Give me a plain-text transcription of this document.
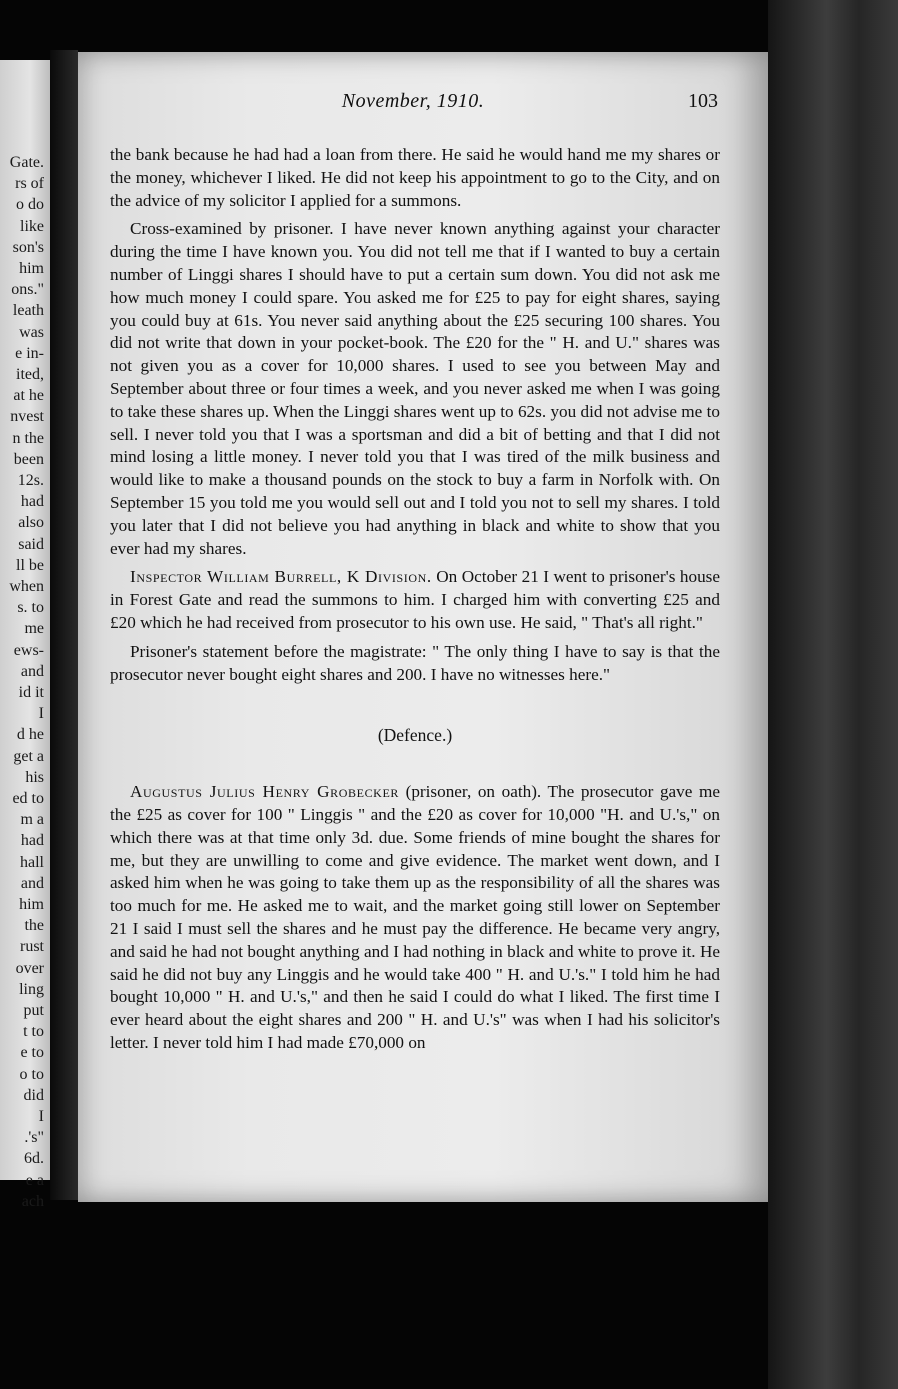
Gate.
rs of
o do
like
son's
him
ons."
leath
was
e in-
ited,
at he
nvest
n the
been
12s.
had
also
said
ll be
when
s. to
me
ews-
and
id it
I
d he
get a
his
ed to
m a
had
hall
and
him
the
rust
over
ling
put
t to
e to
o to
did
I
.'s"
6d.
e a
ach
November, 1910.	103

the bank because he had had a loan from there. He said he would hand me my shares or the money, whichever I liked. He did not keep his appointment to go to the City, and on the advice of my solicitor I applied for a summons.

Cross-examined by prisoner. I have never known anything against your character during the time I have known you. You did not tell me that if I wanted to buy a certain number of Linggi shares I should have to put a certain sum down. You did not ask me how much money I could spare. You asked me for £25 to pay for eight shares, saying you could buy at 61s. You never said anything about the £25 securing 100 shares. You did not write that down in your pocket-book. The £20 for the " H. and U." shares was not given you as a cover for 10,000 shares. I used to see you between May and September about three or four times a week, and you never asked me when I was going to take these shares up. When the Linggi shares went up to 62s. you did not advise me to sell. I never told you that I was a sportsman and did a bit of betting and that I did not mind losing a little money. I never told you that I was tired of the milk business and would like to make a thousand pounds on the stock to buy a farm in Norfolk with. On September 15 you told me you would sell out and I told you not to sell my shares. I told you later that I did not believe you had anything in black and white to show that you ever had my shares.

Inspector William Burrell, K Division. On October 21 I went to prisoner's house in Forest Gate and read the summons to him. I charged him with converting £25 and £20 which he had received from prosecutor to his own use. He said, " That's all right."

Prisoner's statement before the magistrate: " The only thing I have to say is that the prosecutor never bought eight shares and 200. I have no witnesses here."

(Defence.)

Augustus Julius Henry Grobecker (prisoner, on oath). The prosecutor gave me the £25 as cover for 100 " Linggis " and the £20 as cover for 10,000 "H. and U.'s," on which there was at that time only 3d. due. Some friends of mine bought the shares for me, but they are unwilling to come and give evidence. The market went down, and I asked him when he was going to take them up as the responsibility of all the shares was too much for me. He asked me to wait, and the market going still lower on September 21 I said I must sell the shares and he must pay the difference. He became very angry, and said he had not bought anything and I had nothing in black and white to prove it. He said he did not buy any Linggis and he would take 400 " H. and U.'s." I told him he had bought 10,000 " H. and U.'s," and then he said I could do what I liked. The first time I ever heard about the eight shares and 200 " H. and U.'s" was when I had his solicitor's letter. I never told him I had made £70,000 on
